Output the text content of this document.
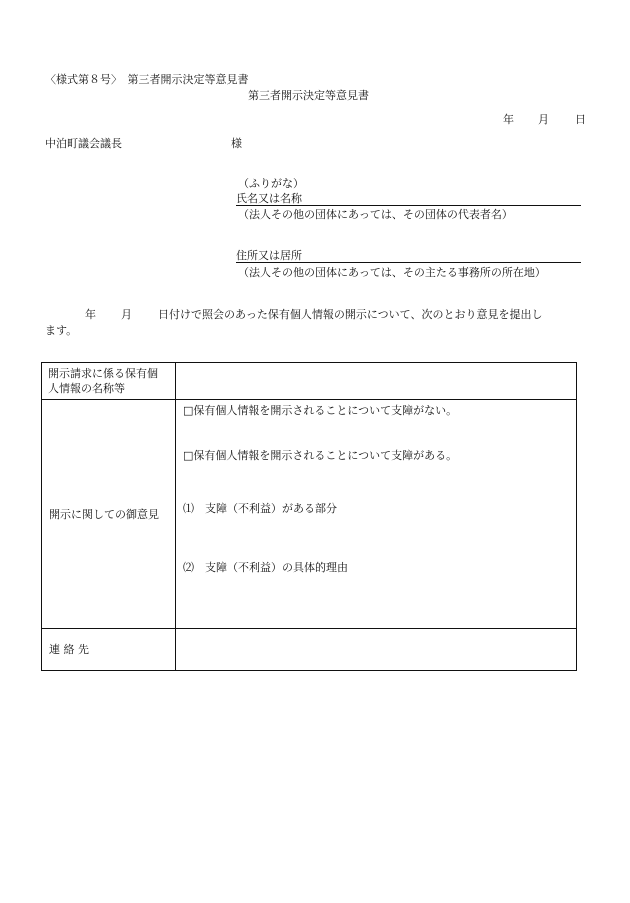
〈様式第８号〉　第三者開示決定等意見書
第三者開示決定等意見書
年 月 日
中泊町議会議長	様
（ふりがな）
氏名又は名称
（法人その他の団体にあっては、その団体の代表者名）
住所又は居所
（法人その他の団体にあっては、その主たる事務所の所在地）
年 月 日付けで照会のあった保有個人情報の開示について、次のとおり意見を提出し
ます。
開示請求に係る保有個
人情報の名称等	

開示に関しての御意見	□保有個人情報を開示されることについて支障がない。
□保有個人情報を開示されることについて支障がある。
⑴　支障（不利益）がある部分
⑵　支障（不利益）の具体的理由

連 絡 先	
